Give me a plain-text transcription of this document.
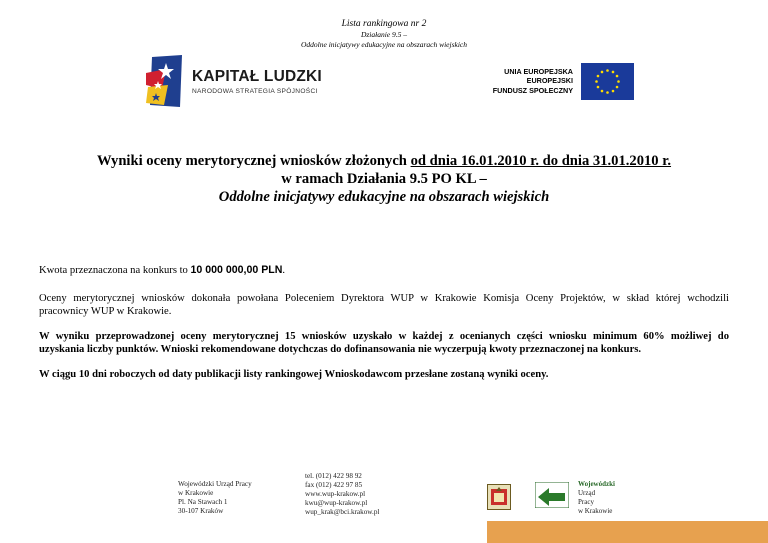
Lista rankingowa nr 2
Działanie 9.5 –
Oddolne inicjatywy edukacyjne na obszarach wiejskich
KAPITAŁ LUDZKI
NARODOWA STRATEGIA SPÓJNOŚCI
UNIA EUROPEJSKA
EUROPEJSKI
FUNDUSZ SPOŁECZNY
Wyniki oceny merytorycznej wniosków złożonych od dnia 16.01.2010 r. do dnia 31.01.2010 r.
w ramach Działania 9.5 PO KL –
Oddolne inicjatywy edukacyjne na obszarach wiejskich
Kwota przeznaczona na konkurs to 10 000 000,00 PLN.
Oceny merytorycznej wniosków dokonała powołana Poleceniem Dyrektora WUP w Krakowie Komisja Oceny Projektów, w skład której wchodzili
pracownicy WUP w Krakowie.
W wyniku przeprowadzonej oceny merytorycznej 15 wniosków uzyskało w każdej z ocenianych części wniosku minimum 60% możliwej do
uzyskania liczby punktów. Wnioski rekomendowane dotychczas do dofinansowania nie wyczerpują kwoty przeznaczonej na konkurs.
W ciągu 10 dni roboczych od daty publikacji listy rankingowej Wnioskodawcom przesłane zostaną wyniki oceny.
Wojewódzki Urząd Pracy
w Krakowie
Pl. Na Stawach 1
30-107 Kraków
tel. (012) 422 98 92
fax (012) 422 97 85
www.wup-krakow.pl
kwu@wup-krakow.pl
wup_krak@bci.krakow.pl
Wojewódzki
Urząd
Pracy
w Krakowie
